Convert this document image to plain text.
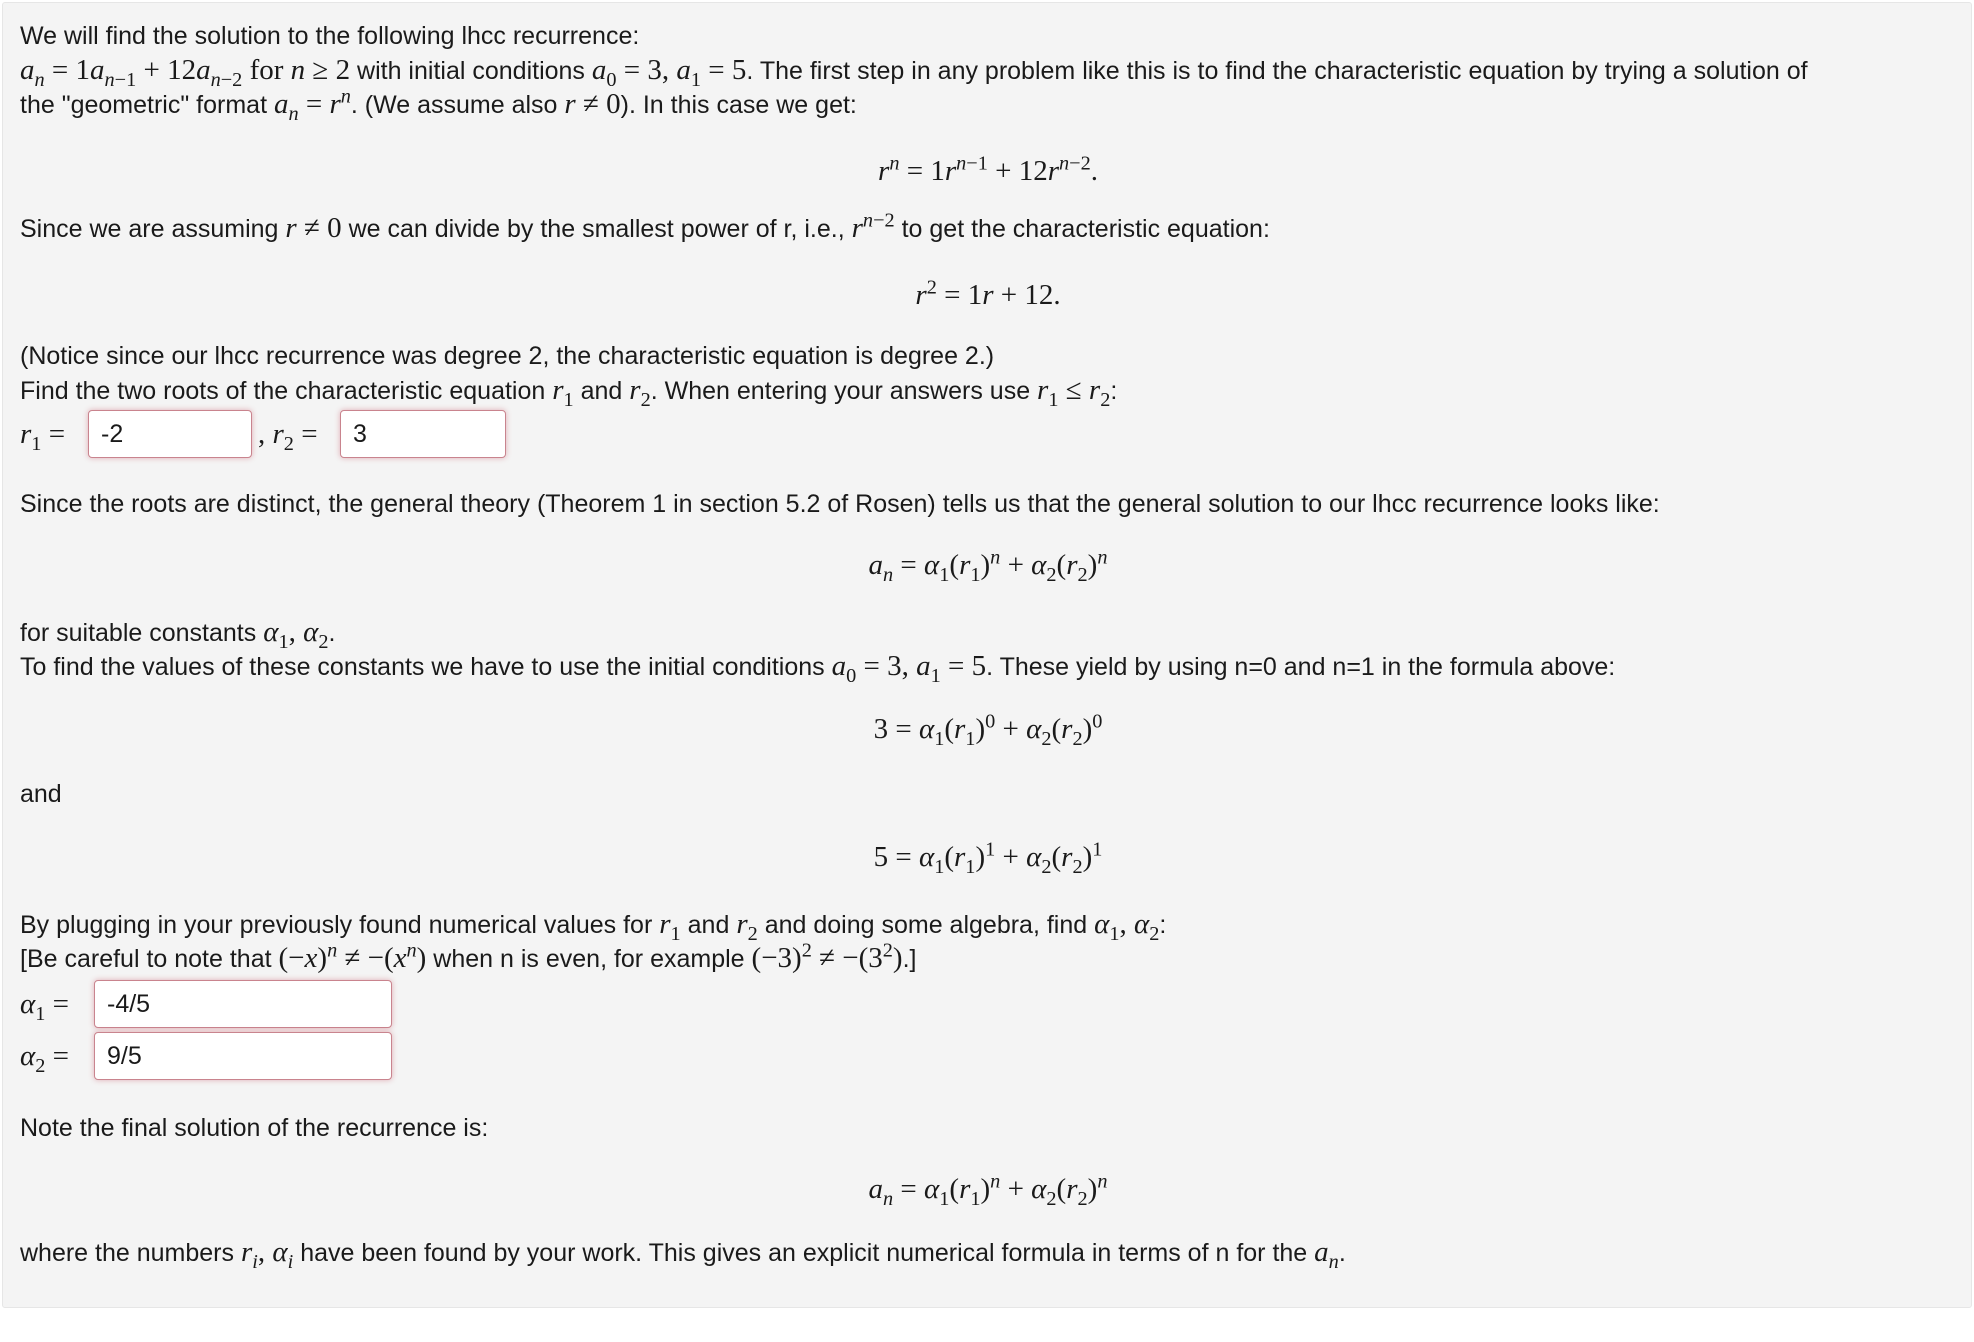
We will find the solution to the following lhcc recurrence:
$a_n = 1a_{n-1} + 12a_{n-2}$ for n ≥ 2 with initial conditions $a_0 = 3$, $a_1 = 5$. The first step in any problem like this is to find the characteristic equation by trying a solution of
the "geometric" format $a_n = r^n$. (We assume also r ≠ 0). In this case we get:
$r^n = 1r^{n-1} + 12r^{n-2}$.
Since we are assuming r ≠ 0 we can divide by the smallest power of r, i.e., $r^{n-2}$ to get the characteristic equation:
$r^2 = 1r + 12$.
(Notice since our lhcc recurrence was degree 2, the characteristic equation is degree 2.)
Find the two roots of the characteristic equation $r_1$ and $r_2$. When entering your answers use $r_1 \le r_2$:
$r_1$ =	-2	, $r_2$ =	3
Since the roots are distinct, the general theory (Theorem 1 in section 5.2 of Rosen) tells us that the general solution to our lhcc recurrence looks like:
$a_n = \alpha_1(r_1)^n + \alpha_2(r_2)^n$
for suitable constants $\alpha_1$, $\alpha_2$.
To find the values of these constants we have to use the initial conditions $a_0 = 3$, $a_1 = 5$. These yield by using n=0 and n=1 in the formula above:
$3 = \alpha_1(r_1)^0 + \alpha_2(r_2)^0$
and
$5 = \alpha_1(r_1)^1 + \alpha_2(r_2)^1$
By plugging in your previously found numerical values for $r_1$ and $r_2$ and doing some algebra, find $\alpha_1$, $\alpha_2$:
[Be careful to note that $(-x)^n \ne -(x^n)$ when n is even, for example $(-3)^2 \ne -(3^2)$.]
$\alpha_1$ =	-4/5
$\alpha_2$ =	9/5
Note the final solution of the recurrence is:
$a_n = \alpha_1(r_1)^n + \alpha_2(r_2)^n$
where the numbers $r_i$, $\alpha_i$ have been found by your work. This gives an explicit numerical formula in terms of n for the $a_n$.
